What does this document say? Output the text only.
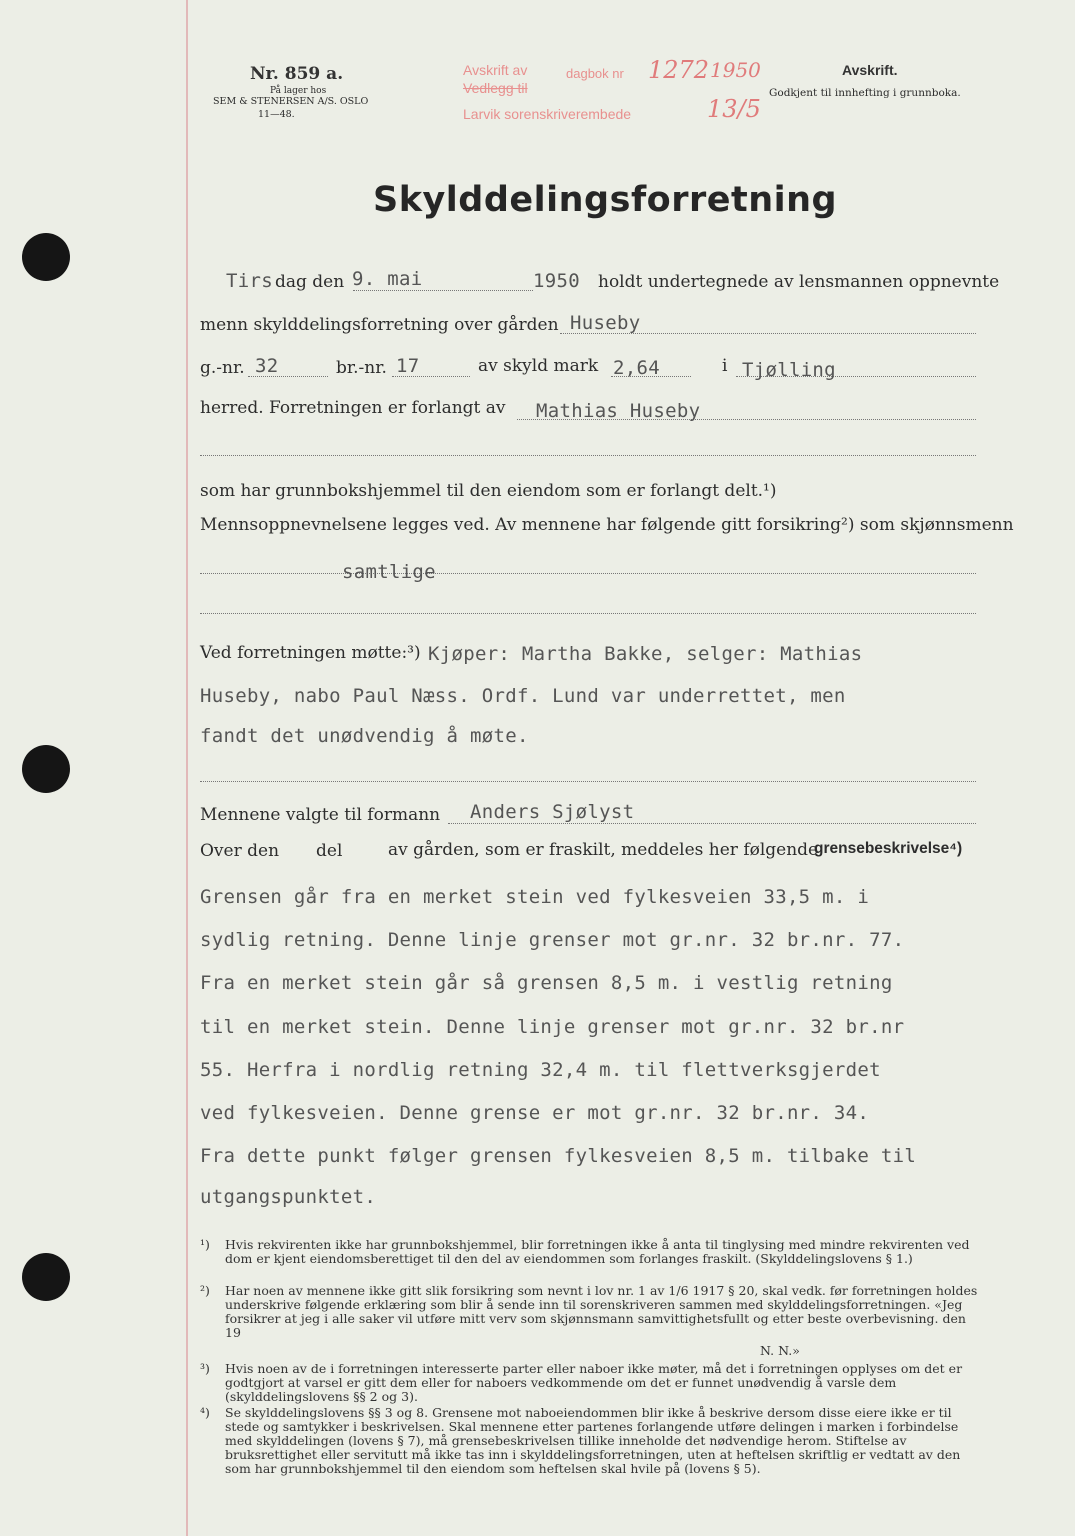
Nr. 859 a.
På lager hos
SEM & STENERSEN A/S. OSLO
11—48.
Avskrift av	dagbok nr 1272 1950
Vedlegg til
Larvik sorenskriverembede	13/5
Avskrift.
Godkjent til innhefting i grunnboka.
Skylddelingsforretning
Tirs dag den 9. mai	1950 holdt undertegnede av lensmannen oppnevnte
menn skylddelingsforretning over gården Huseby
g.-nr. 32	br.-nr. 17	av skyld mark 2,64	i Tjølling
herred. Forretningen er forlangt av Mathias Huseby
som har grunnbokshjemmel til den eiendom som er forlangt delt.¹)
Mennsoppnevnelsene legges ved. Av mennene har følgende gitt forsikring²) som skjønnsmenn
samtlige
Ved forretningen møtte:³) Kjøper: Martha Bakke, selger: Mathias
Huseby, nabo Paul Næss. Ordf. Lund var underrettet, men
fandt det unødvendig å møte.
Mennene valgte til formann Anders Sjølyst
Over den del	av gården, som er fraskilt, meddeles her følgende
grensebeskrivelse⁴)
Grensen går fra en merket stein ved fylkesveien 33,5 m. i
sydlig retning. Denne linje grenser mot gr.nr. 32 br.nr. 77.
Fra en merket stein går så grensen 8,5 m. i vestlig retning
til en merket stein. Denne linje grenser mot gr.nr. 32 br.nr
55. Herfra i nordlig retning 32,4 m. til flettverksgjerdet
ved fylkesveien. Denne grense er mot gr.nr. 32 br.nr. 34.
Fra dette punkt følger grensen fylkesveien 8,5 m. tilbake til
utgangspunktet.
¹) Hvis rekvirenten ikke har grunnbokshjemmel, blir forretningen ikke å anta til tinglysing med mindre rekvirenten ved dom er kjent eiendomsberettiget til den del av eiendommen som forlanges fraskilt. (Skylddelingslovens § 1.)
²) Har noen av mennene ikke gitt slik forsikring som nevnt i lov nr. 1 av 1/6 1917 § 20, skal vedk. før forretningen holdes underskrive følgende erklæring som blir å sende inn til sorenskriveren sammen med skylddelingsforretningen. «Jeg forsikrer at jeg i alle saker vil utføre mitt verv som skjønnsmann samvittighetsfullt og etter beste overbevisning. den 19
N. N.»
³) Hvis noen av de i forretningen interesserte parter eller naboer ikke møter, må det i forretningen opplyses om det er godtgjort at varsel er gitt dem eller for naboers vedkommende om det er funnet unødvendig å varsle dem (skylddelingslovens §§ 2 og 3).
⁴) Se skylddelingslovens §§ 3 og 8. Grensene mot naboeiendommen blir ikke å beskrive dersom disse eiere ikke er til stede og samtykker i beskrivelsen. Skal mennene etter partenes forlangende utføre delingen i marken i forbindelse med skylddelingen (lovens § 7), må grensebeskrivelsen tillike inneholde det nødvendige herom. Stiftelse av bruksrettighet eller servitutt må ikke tas inn i skylddelingsforretningen, uten at heftelsen skriftlig er vedtatt av den som har grunnbokshjemmel til den eiendom som heftelsen skal hvile på (lovens § 5).
